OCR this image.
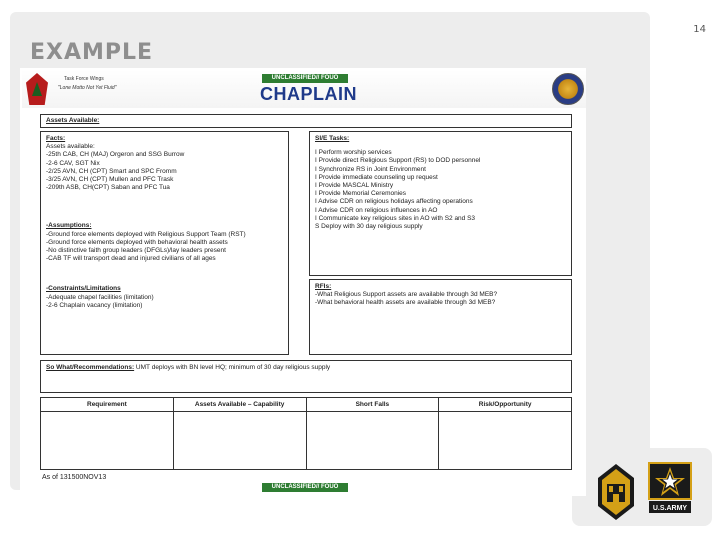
14
EXAMPLE
Task Force Wings
"Lone Motto Not Yet Fluid"
UNCLASSIFIED// FOUO
CHAPLAIN
Assets Available:
Facts:
Assets available:
-25th CAB, CH (MAJ) Orgeron and SSG Burrow
-2-6 CAV, SGT Nix
-2/25 AVN, CH (CPT) Smart and SPC Fromm
-3/25 AVN, CH (CPT) Mullen and PFC Trask
-209th ASB, CH(CPT) Saban and PFC Tua
-Assumptions:
-Ground force elements deployed with Religious Support Team (RST)
-Ground force elements deployed with behavioral health assets
-No distinctive faith group leaders (DFGLs)/lay leaders present
-CAB TF will transport dead and injured civilians of all ages
-Constraints/Limitations
-Adequate chapel facilities (limitation)
-2-6 Chaplain vacancy (limitation)
SI/E Tasks:
I Perform worship services
I Provide direct Religious Support (RS) to DOD personnel
I Synchronize RS in Joint Environment
I Provide immediate counseling up request
I Provide MASCAL Ministry
I Provide Memorial Ceremonies
I Advise CDR on religious holidays affecting operations
I Advise CDR on religious influences in AO
I Communicate key religious sites in AO with S2 and S3
S Deploy with 30 day religious supply
RFIs:
-What Religious Support assets are available through 3d MEB?
-What behavioral health assets are available through 3d MEB?
So What/Recommendations: UMT deploys with BN level HQ; minimum of 30 day religious supply
Requirement	Assets Available – Capability	Short Falls	Risk/Opportunity

As of 131500NOV13
UNCLASSIFIED// FOUO
U.S.ARMY
